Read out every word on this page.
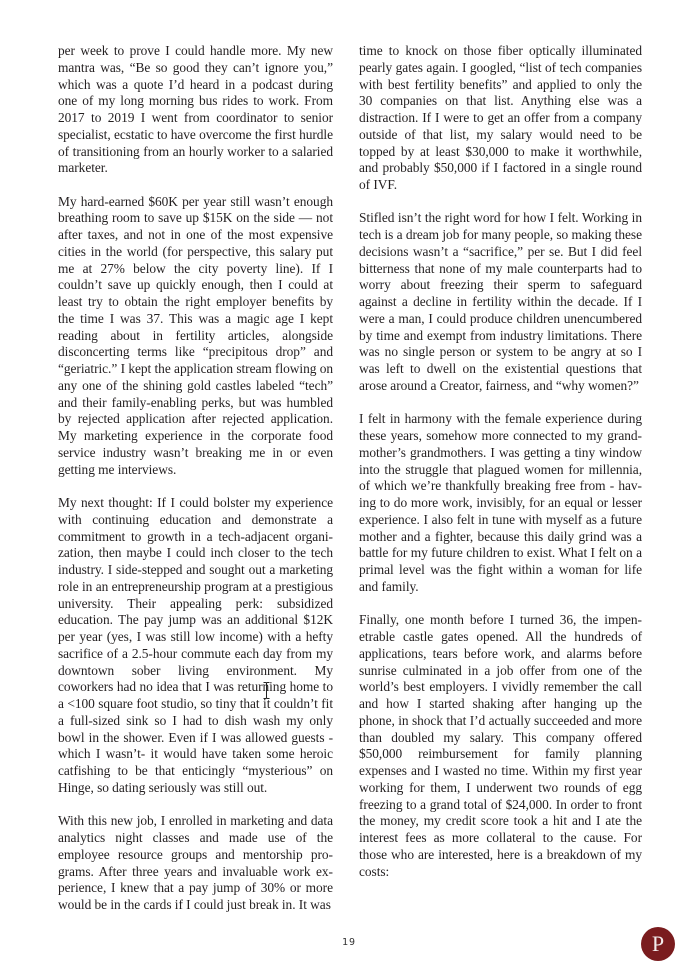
per week to prove I could handle more. My new mantra was, “Be so good they can’t ignore you,” which was a quote I’d heard in a podcast during one of my long morning bus rides to work. From 2017 to 2019 I went from coordinator to senior specialist, ecstatic to have overcome the first hurdle of transitioning from an hourly worker to a salaried marketer.

My hard-earned $60K per year still wasn’t enough breathing room to save up $15K on the side — not after taxes, and not in one of the most expensive cities in the world (for perspective, this salary put me at 27% below the city poverty line). If I couldn’t save up quickly enough, then I could at least try to obtain the right employer benefits by the time I was 37. This was a magic age I kept reading about in fertility articles, alongside disconcerting terms like “precipitous drop” and “geriatric.” I kept the application stream flowing on any one of the shining gold castles labeled “tech” and their family-enabling perks, but was humbled by rejected application after rejected application. My marketing experience in the corporate food service industry wasn’t breaking me in or even getting me interviews.

My next thought: If I could bolster my experience with continuing education and demonstrate a commitment to growth in a tech-adjacent organization, then maybe I could inch closer to the tech industry. I side-stepped and sought out a marketing role in an entrepreneurship program at a prestigious university. Their appealing perk: subsidized education. The pay jump was an additional $12K per year (yes, I was still low income) with a hefty sacrifice of a 2.5-hour commute each day from my downtown sober living environment. My coworkers had no idea that I was returning home to a <100 square foot studio, so tiny that it couldn’t fit a full-sized sink so I had to dish wash my only bowl in the shower. Even if I was allowed guests -which I wasn’t- it would have taken some heroic catfishing to be that enticingly “mysterious” on Hinge, so dating seriously was still out.

With this new job, I enrolled in marketing and data analytics night classes and made use of the employee resource groups and mentorship programs. After three years and invaluable work experience, I knew that a pay jump of 30% or more would be in the cards if I could just break in. It was

time to knock on those fiber optically illuminated pearly gates again. I googled, “list of tech companies with best fertility benefits” and applied to only the 30 companies on that list. Anything else was a distraction. If I were to get an offer from a company outside of that list, my salary would need to be topped by at least $30,000 to make it worthwhile, and probably $50,000 if I factored in a single round of IVF.

Stifled isn’t the right word for how I felt. Working in tech is a dream job for many people, so making these decisions wasn’t a “sacrifice,” per se. But I did feel bitterness that none of my male counterparts had to worry about freezing their sperm to safeguard against a decline in fertility within the decade. If I were a man, I could produce children unencumbered by time and exempt from industry limitations. There was no single person or system to be angry at so I was left to dwell on the existential questions that arose around a Creator, fairness, and “why women?”

I felt in harmony with the female experience during these years, somehow more connected to my grandmother’s grandmothers. I was getting a tiny window into the struggle that plagued women for millennia, of which we’re thankfully breaking free from - having to do more work, invisibly, for an equal or lesser experience. I also felt in tune with myself as a future mother and a fighter, because this daily grind was a battle for my future children to exist. What I felt on a primal level was the fight within a woman for life and family.

Finally, one month before I turned 36, the impenetrable castle gates opened. All the hundreds of applications, tears before work, and alarms before sunrise culminated in a job offer from one of the world’s best employers. I vividly remember the call and how I started shaking after hanging up the phone, in shock that I’d actually succeeded and more than doubled my salary. This company offered $50,000 reimbursement for family planning expenses and I wasted no time. Within my first year working for them, I underwent two rounds of egg freezing to a grand total of $24,000. In order to front the money, my credit score took a hit and I ate the interest fees as more collateral to the cause. For those who are interested, here is a breakdown of my costs:

19	P
